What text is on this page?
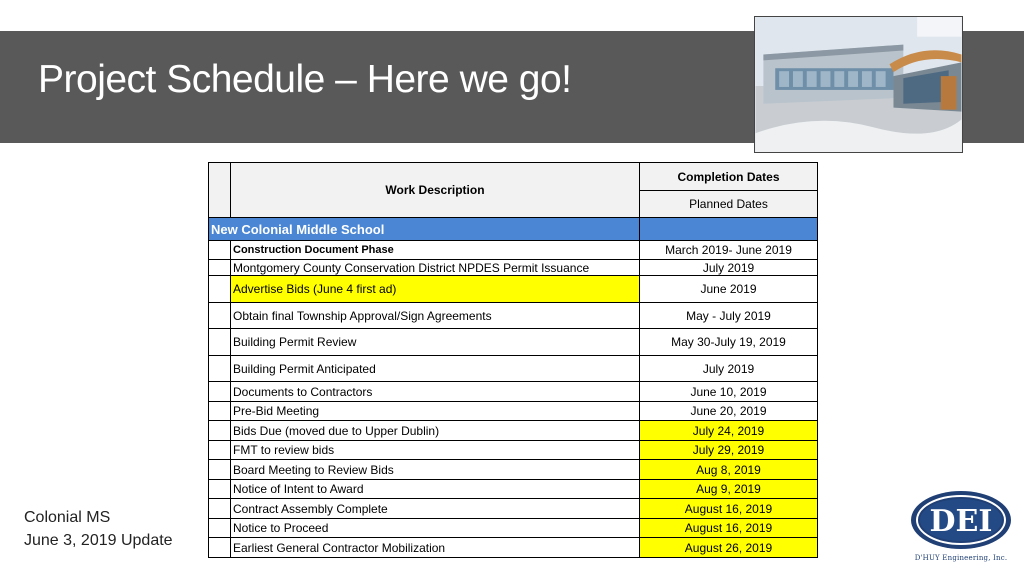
Project Schedule – Here we go!
	Work Description	Completion Dates
		Planned Dates
New Colonial Middle School		
	Construction Document Phase	March 2019- June 2019
	Montgomery County Conservation District NPDES Permit Issuance	July 2019
	Advertise Bids (June 4 first ad)	June 2019
	Obtain final Township Approval/Sign Agreements	May - July 2019
	Building Permit Review	May 30-July 19, 2019
	Building Permit Anticipated	July 2019
	Documents to Contractors	June 10, 2019
	Pre-Bid Meeting	June 20, 2019
	Bids Due (moved due to Upper Dublin)	July 24, 2019
	FMT to review bids	July 29, 2019
	Board Meeting to Review Bids	Aug 8, 2019
	Notice of Intent to Award	Aug 9, 2019
	Contract Assembly Complete	August 16, 2019
	Notice to Proceed	August 16, 2019
	Earliest General Contractor Mobilization	August 26, 2019
Colonial MS
June 3, 2019 Update
DEI
D'HUY Engineering, Inc.
